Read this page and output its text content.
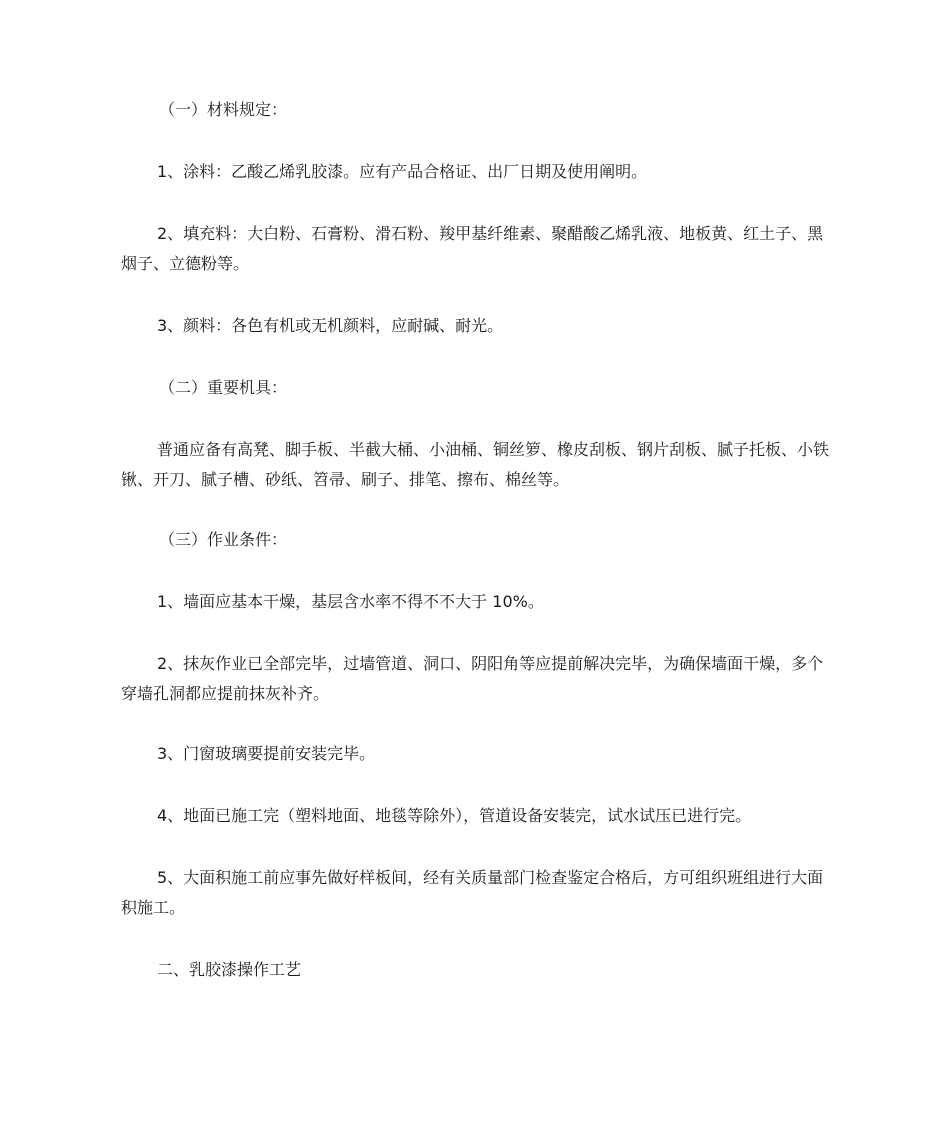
（一）材料规定：

1、涂料：乙酸乙烯乳胶漆。应有产品合格证、出厂日期及使用阐明。

2、填充料：大白粉、石膏粉、滑石粉、羧甲基纤维素、聚醋酸乙烯乳液、地板黄、红土子、黑烟子、立德粉等。

3、颜料：各色有机或无机颜料，应耐碱、耐光。

（二）重要机具：

普通应备有高凳、脚手板、半截大桶、小油桶、铜丝箩、橡皮刮板、钢片刮板、腻子托板、小铁锹、开刀、腻子槽、砂纸、笤帚、刷子、排笔、擦布、棉丝等。

（三）作业条件：

1、墙面应基本干燥，基层含水率不得不不大于 10%。

2、抹灰作业已全部完毕，过墙管道、洞口、阴阳角等应提前解决完毕，为确保墙面干燥，多个穿墙孔洞都应提前抹灰补齐。

3、门窗玻璃要提前安装完毕。

4、地面已施工完（塑料地面、地毯等除外），管道设备安装完，试水试压已进行完。

5、大面积施工前应事先做好样板间，经有关质量部门检查鉴定合格后，方可组织班组进行大面积施工。

二、乳胶漆操作工艺
